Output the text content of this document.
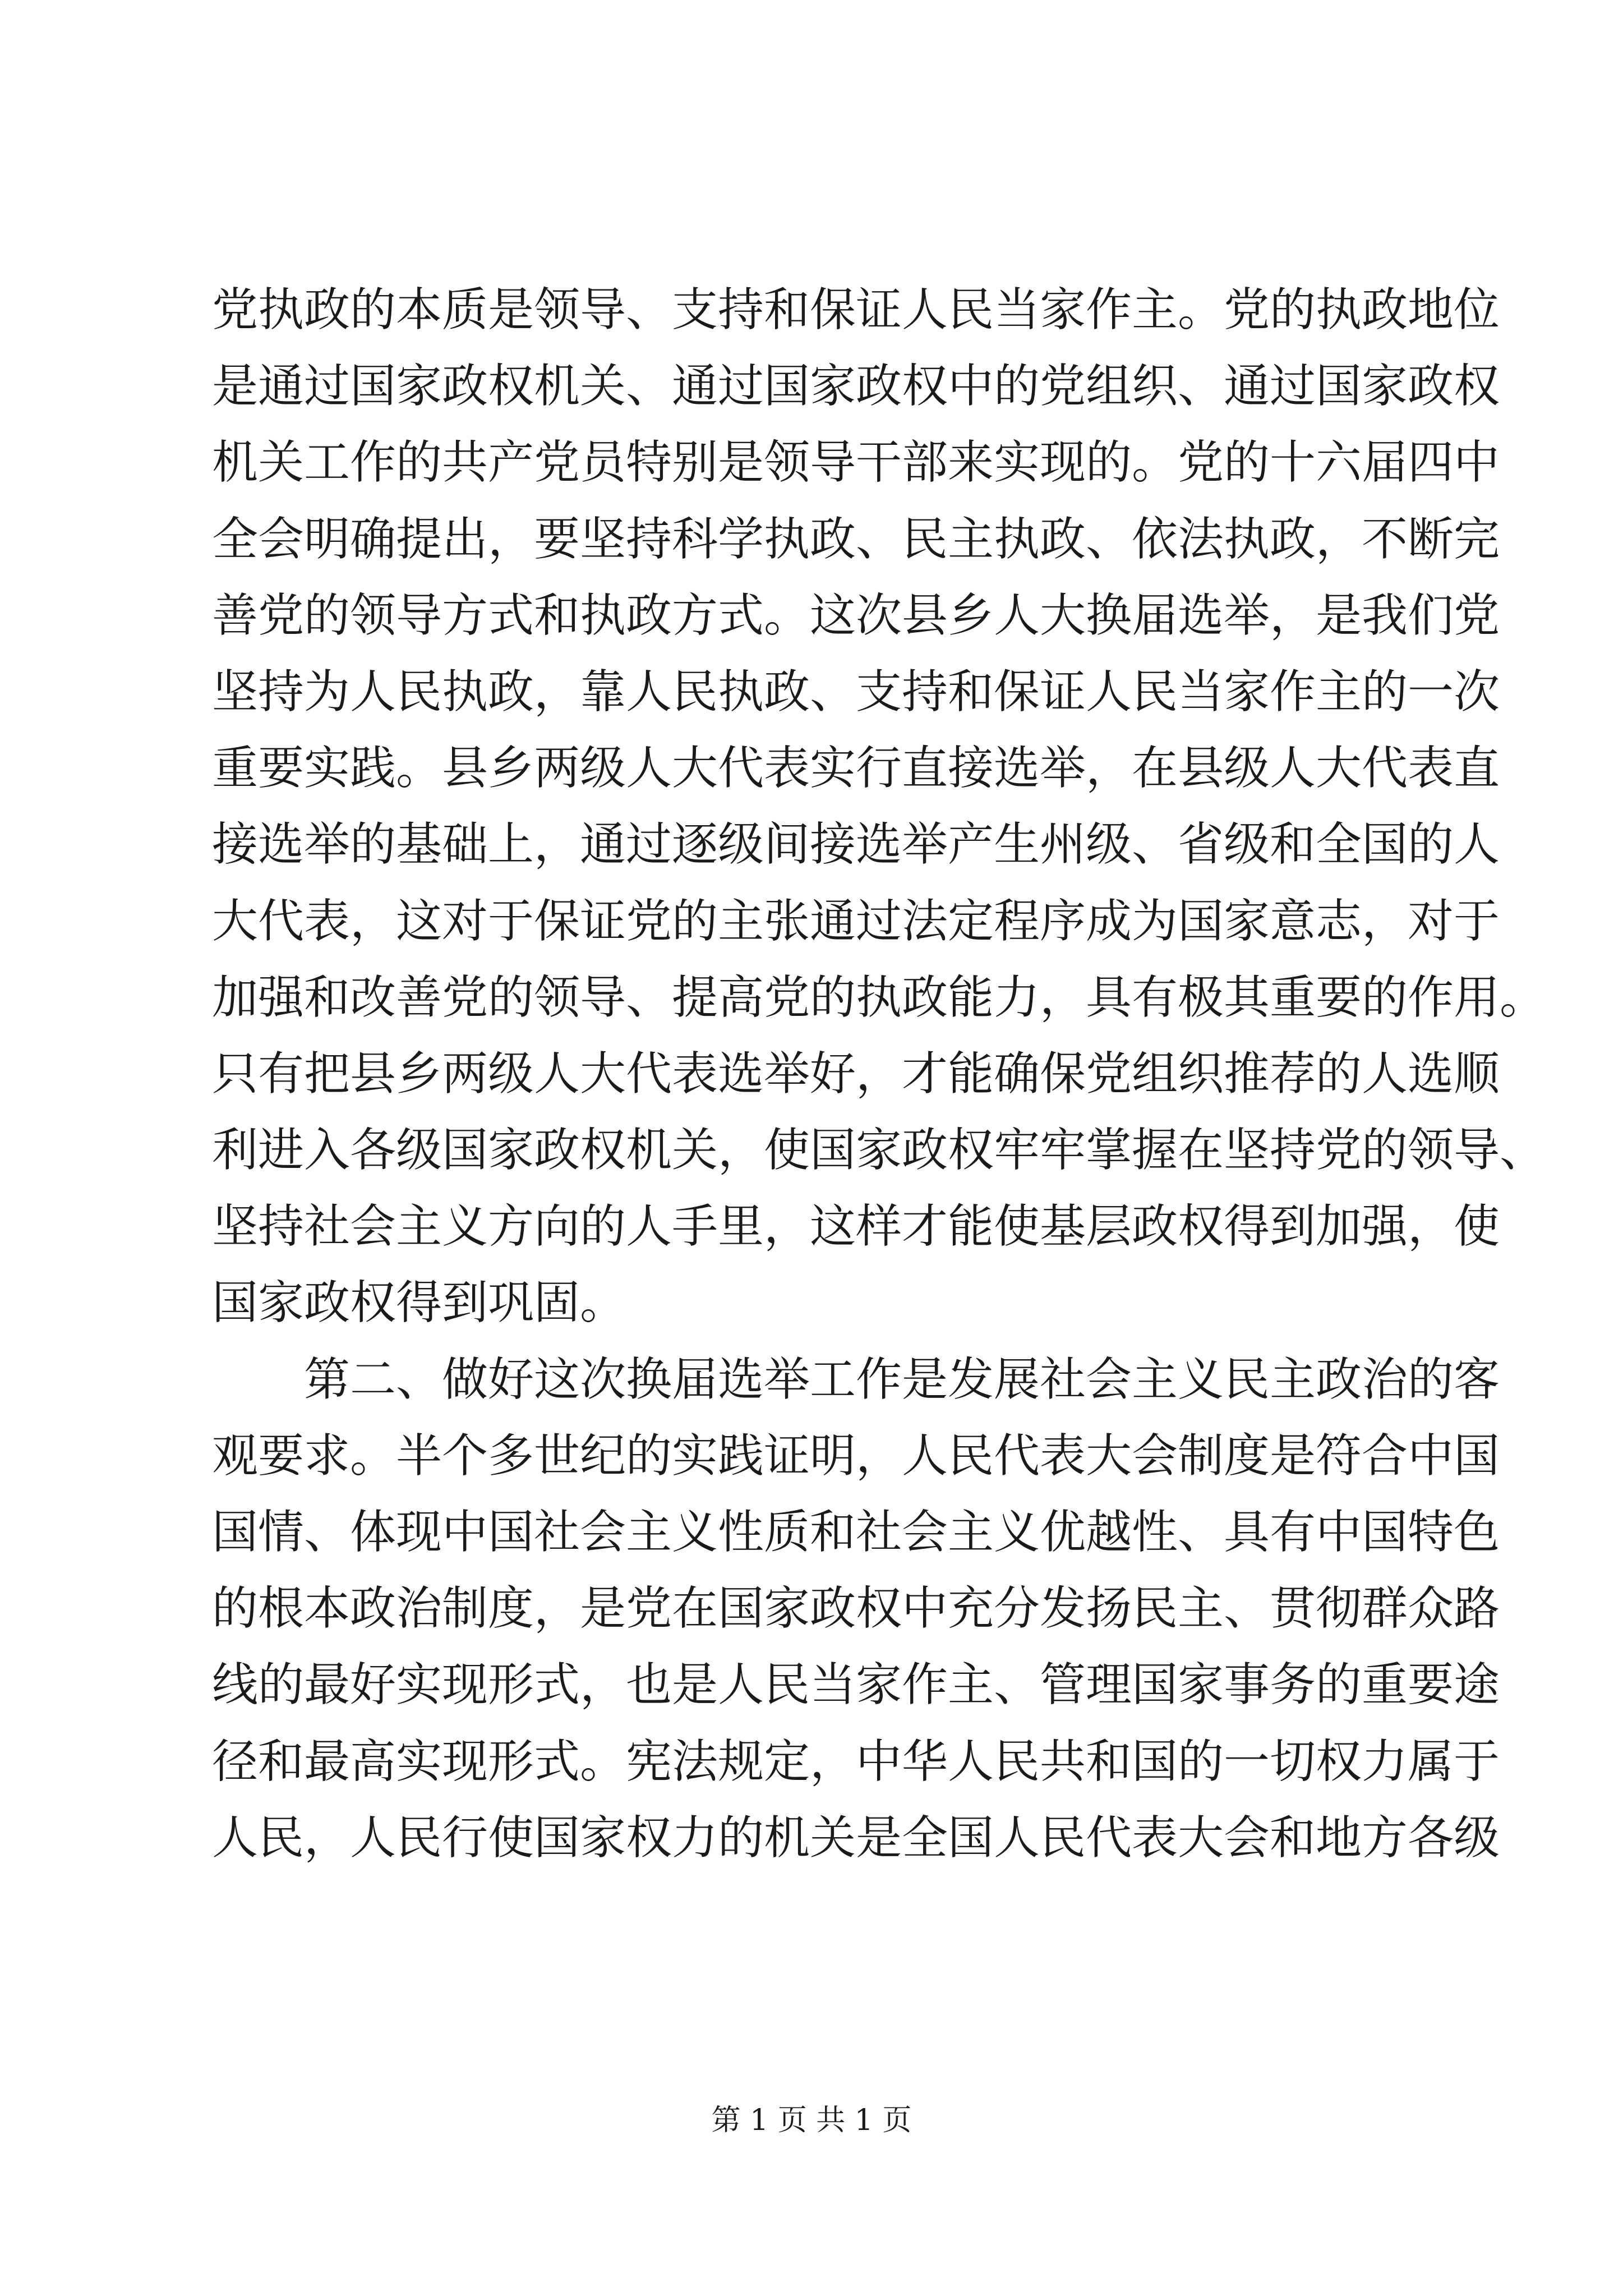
党执政的本质是领导、支持和保证人民当家作主。党的执政地位
是通过国家政权机关、通过国家政权中的党组织、通过国家政权
机关工作的共产党员特别是领导干部来实现的。党的十六届四中
全会明确提出，要坚持科学执政、民主执政、依法执政，不断完
善党的领导方式和执政方式。这次县乡人大换届选举，是我们党
坚持为人民执政，靠人民执政、支持和保证人民当家作主的一次
重要实践。县乡两级人大代表实行直接选举，在县级人大代表直
接选举的基础上，通过逐级间接选举产生州级、省级和全国的人
大代表，这对于保证党的主张通过法定程序成为国家意志，对于
加强和改善党的领导、提高党的执政能力，具有极其重要的作用。
只有把县乡两级人大代表选举好，才能确保党组织推荐的人选顺
利进入各级国家政权机关，使国家政权牢牢掌握在坚持党的领导、
坚持社会主义方向的人手里，这样才能使基层政权得到加强，使
国家政权得到巩固。
第二、做好这次换届选举工作是发展社会主义民主政治的客
观要求。半个多世纪的实践证明，人民代表大会制度是符合中国
国情、体现中国社会主义性质和社会主义优越性、具有中国特色
的根本政治制度，是党在国家政权中充分发扬民主、贯彻群众路
线的最好实现形式，也是人民当家作主、管理国家事务的重要途
径和最高实现形式。宪法规定，中华人民共和国的一切权力属于
人民，人民行使国家权力的机关是全国人民代表大会和地方各级
第 1 页 共 1 页
